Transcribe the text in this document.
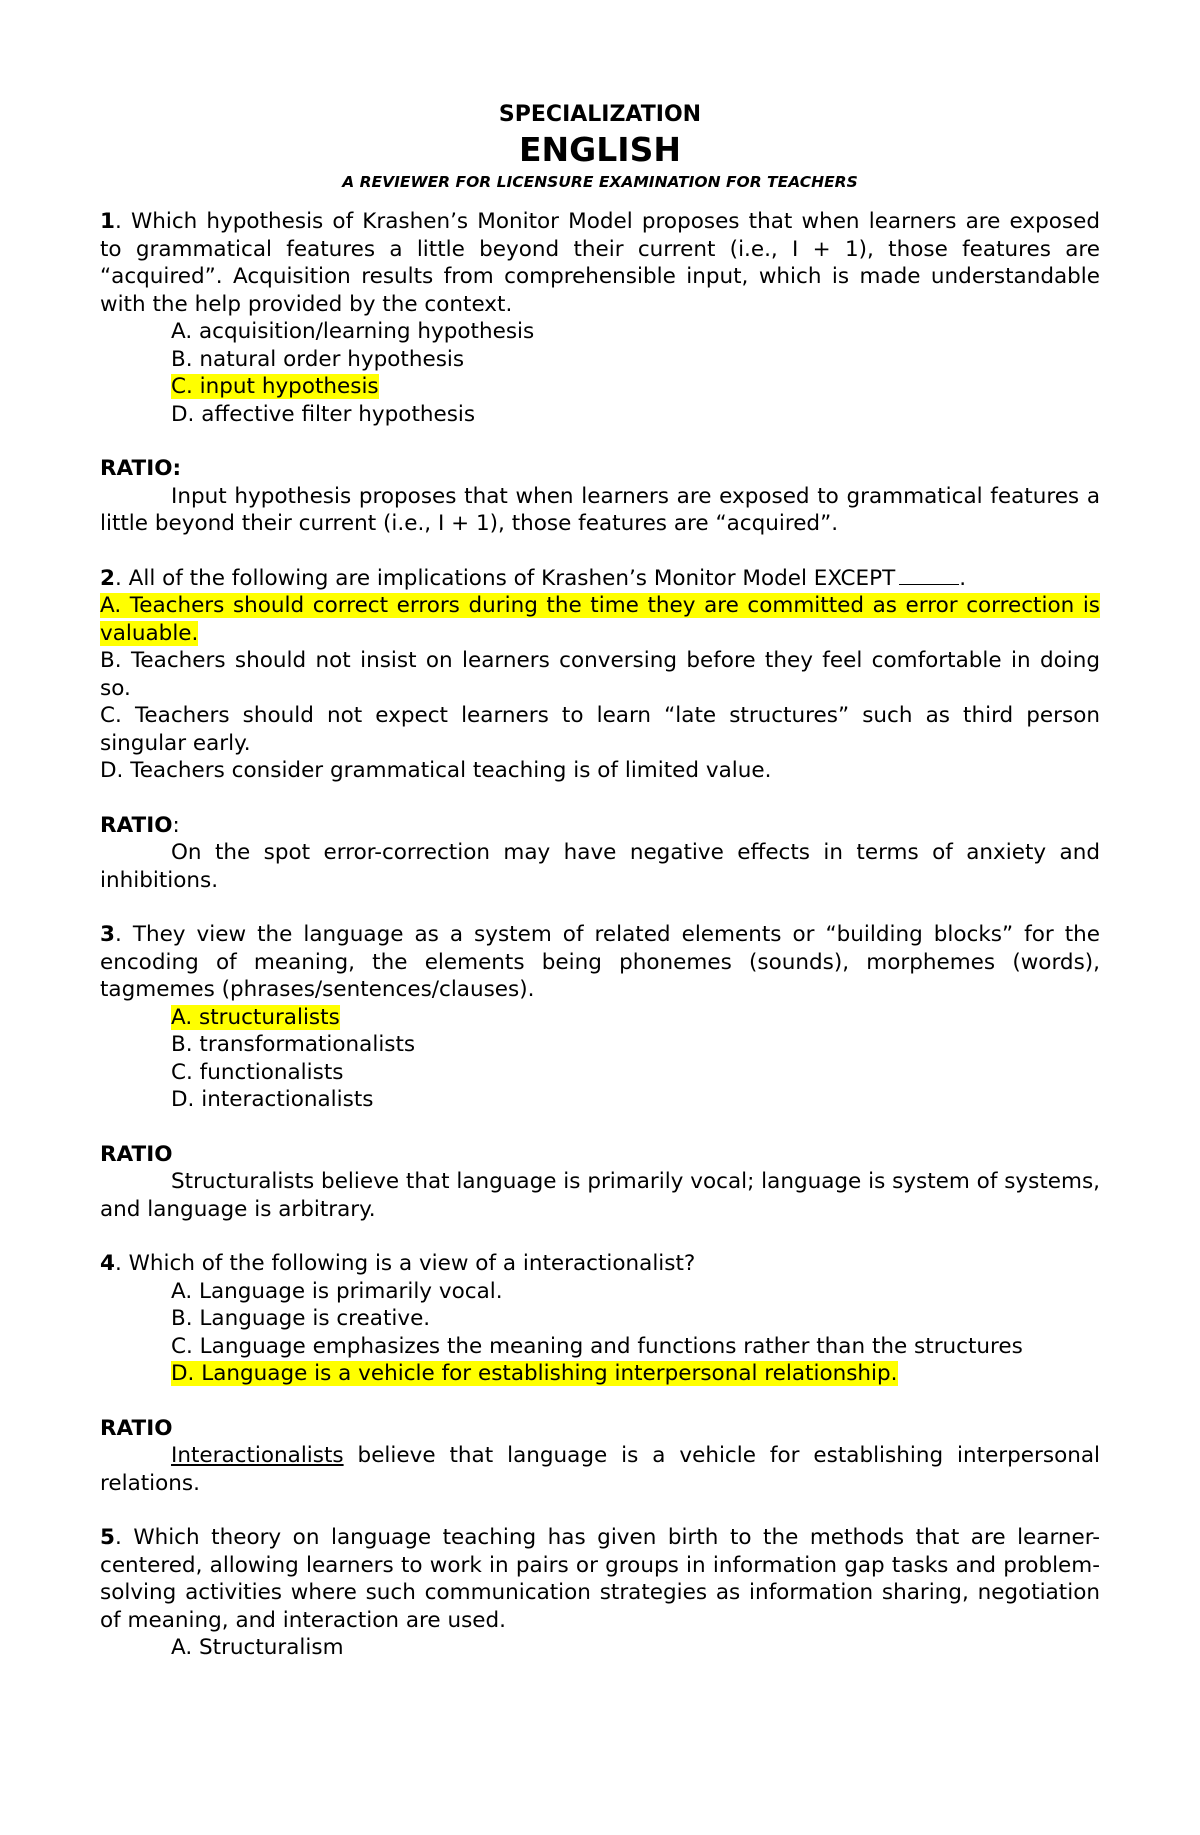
SPECIALIZATION
ENGLISH
A REVIEWER FOR LICENSURE EXAMINATION FOR TEACHERS

1. Which hypothesis of Krashen’s Monitor Model proposes that when learners are exposed to grammatical features a little beyond their current (i.e., I + 1), those features are “acquired”. Acquisition results from comprehensible input, which is made understandable with the help provided by the context.

A. acquisition/learning hypothesis
B. natural order hypothesis
C. input hypothesis
D. affective filter hypothesis
RATIO:

Input hypothesis proposes that when learners are exposed to grammatical features a little beyond their current (i.e., I + 1), those features are “acquired”.

2. All of the following are implications of Krashen’s Monitor Model EXCEPT	.

A. Teachers should correct errors during the time they are committed as error correction is valuable.

B. Teachers should not insist on learners conversing before they feel comfortable in doing so.

C. Teachers should not expect learners to learn “late structures” such as third person singular early.

D. Teachers consider grammatical teaching is of limited value.

RATIO:

On the spot error-correction may have negative effects in terms of anxiety and inhibitions.

3. They view the language as a system of related elements or “building blocks” for the encoding of meaning, the elements being phonemes (sounds), morphemes (words), tagmemes (phrases/sentences/clauses).

A. structuralists
B. transformationalists
C. functionalists
D. interactionalists
RATIO

Structuralists believe that language is primarily vocal; language is system of systems, and language is arbitrary.

4. Which of the following is a view of a interactionalist?

A. Language is primarily vocal.
B. Language is creative.

C. Language emphasizes the meaning and functions rather than the structures

D. Language is a vehicle for establishing interpersonal relationship.
RATIO

Interactionalists believe that language is a vehicle for establishing interpersonal relations.

5. Which theory on language teaching has given birth to the methods that are learner-centered, allowing learners to work in pairs or groups in information gap tasks and problem-solving activities where such communication strategies as information sharing, negotiation of meaning, and interaction are used.

A. Structuralism
